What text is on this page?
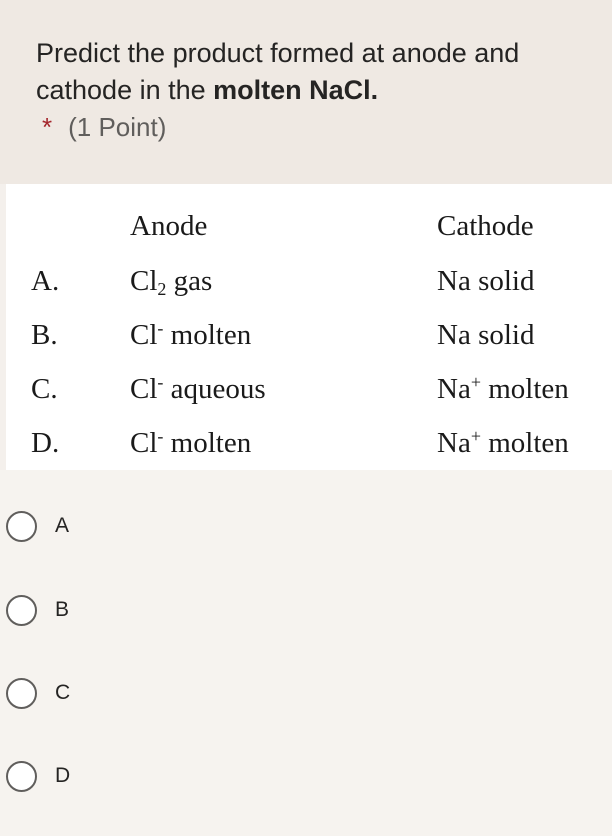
Predict the product formed at anode and cathode in the molten NaCl.
* (1 Point)
Anode	Cathode
A. $Cl_2$ gas	Na solid
B. Cl- molten	Na solid
C. Cl- aqueous	Na+ molten
D. Cl- molten	Na+ molten
A
B
C
D
